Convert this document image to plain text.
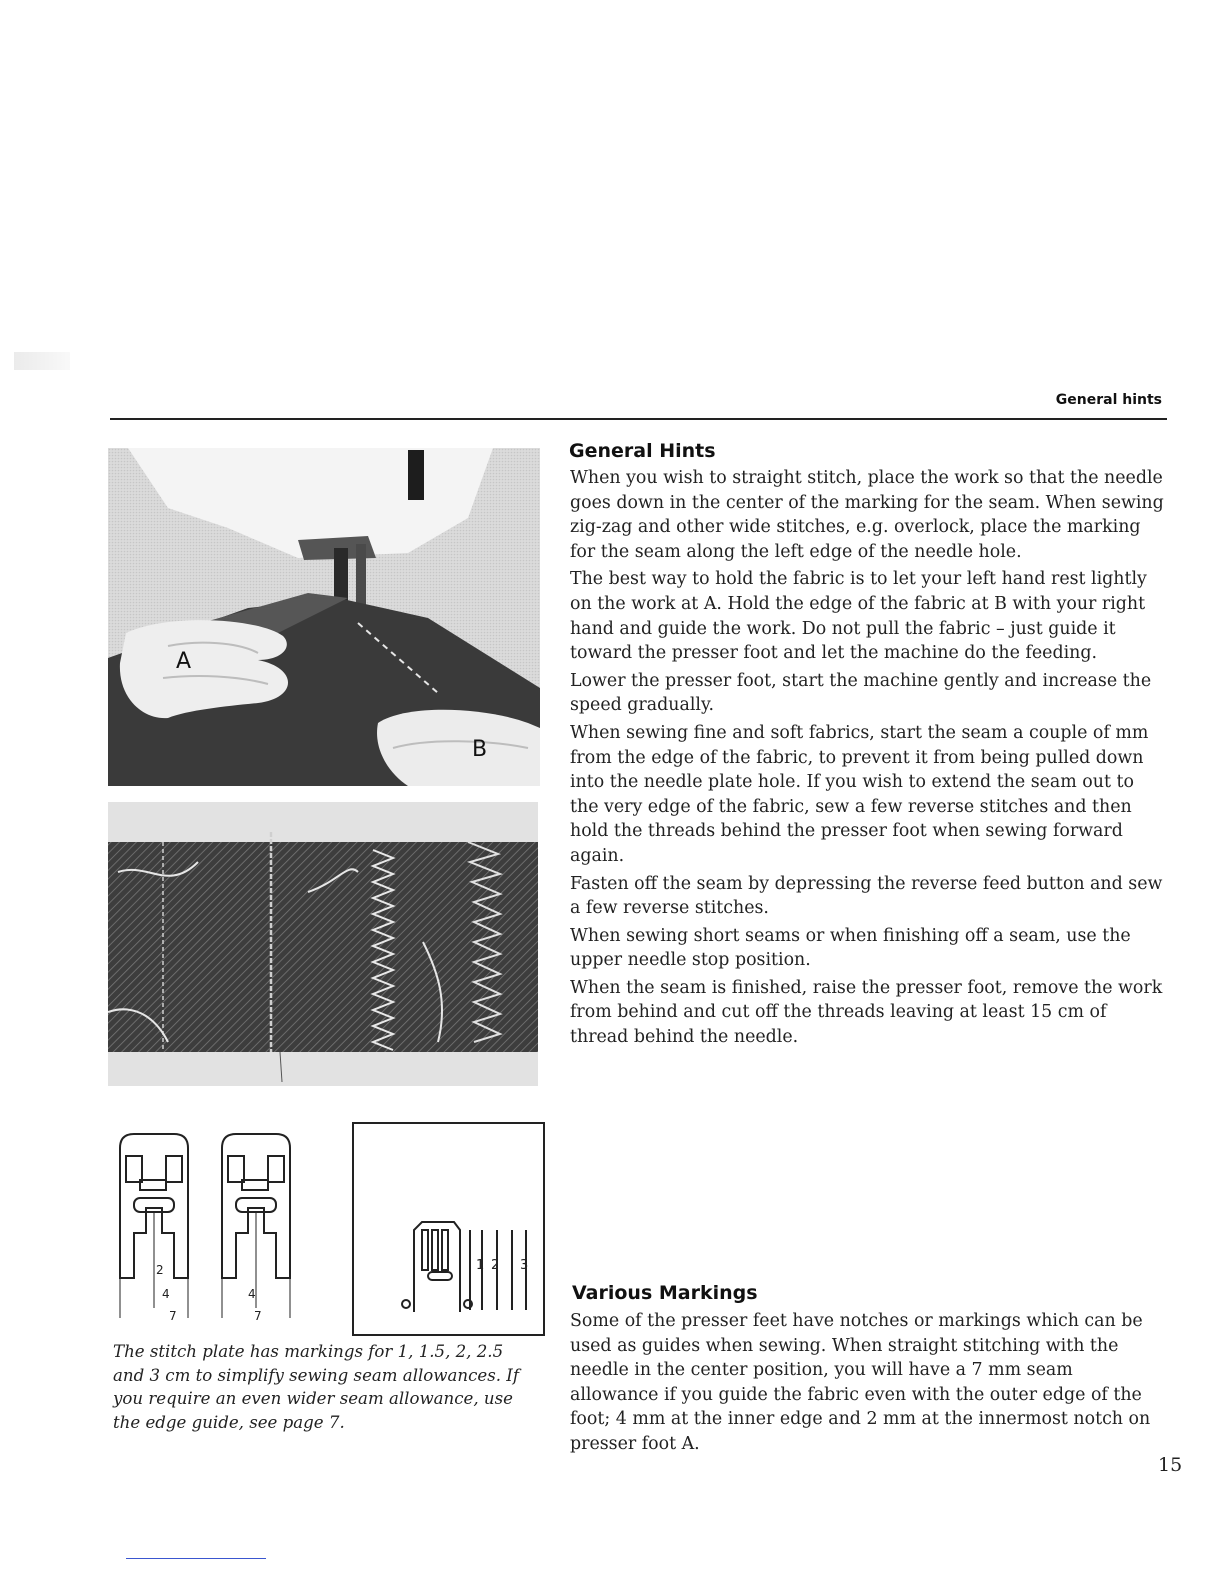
General hints
A
B
2
4
7
4
7
1 2 3
General Hints

When you wish to straight stitch, place the work so that the needle goes down in the center of the marking for the seam. When sewing zig-zag and other wide stitches, e.g. overlock, place the marking for the seam along the left edge of the needle hole.

The best way to hold the fabric is to let your left hand rest lightly on the work at A. Hold the edge of the fabric at B with your right hand and guide the work. Do not pull the fabric – just guide it toward the presser foot and let the machine do the feeding.

Lower the presser foot, start the machine gently and increase the speed gradually.

When sewing fine and soft fabrics, start the seam a couple of mm from the edge of the fabric, to prevent it from being pulled down into the needle plate hole. If you wish to extend the seam out to the very edge of the fabric, sew a few reverse stitches and then hold the threads behind the presser foot when sewing forward again.

Fasten off the seam by depressing the reverse feed button and sew a few reverse stitches.

When sewing short seams or when finishing off a seam, use the upper needle stop position.

When the seam is finished, raise the presser foot, remove the work from behind and cut off the threads leaving at least 15 cm of thread behind the needle.

Various Markings

Some of the presser feet have notches or markings which can be used as guides when sewing. When straight stitching with the needle in the center position, you will have a 7 mm seam allowance if you guide the fabric even with the outer edge of the foot; 4 mm at the inner edge and 2 mm at the innermost notch on presser foot A.

The stitch plate has markings for 1, 1.5, 2, 2.5 and 3 cm to simplify sewing seam allowances. If you require an even wider seam allowance, use the edge guide, see page 7.
15
